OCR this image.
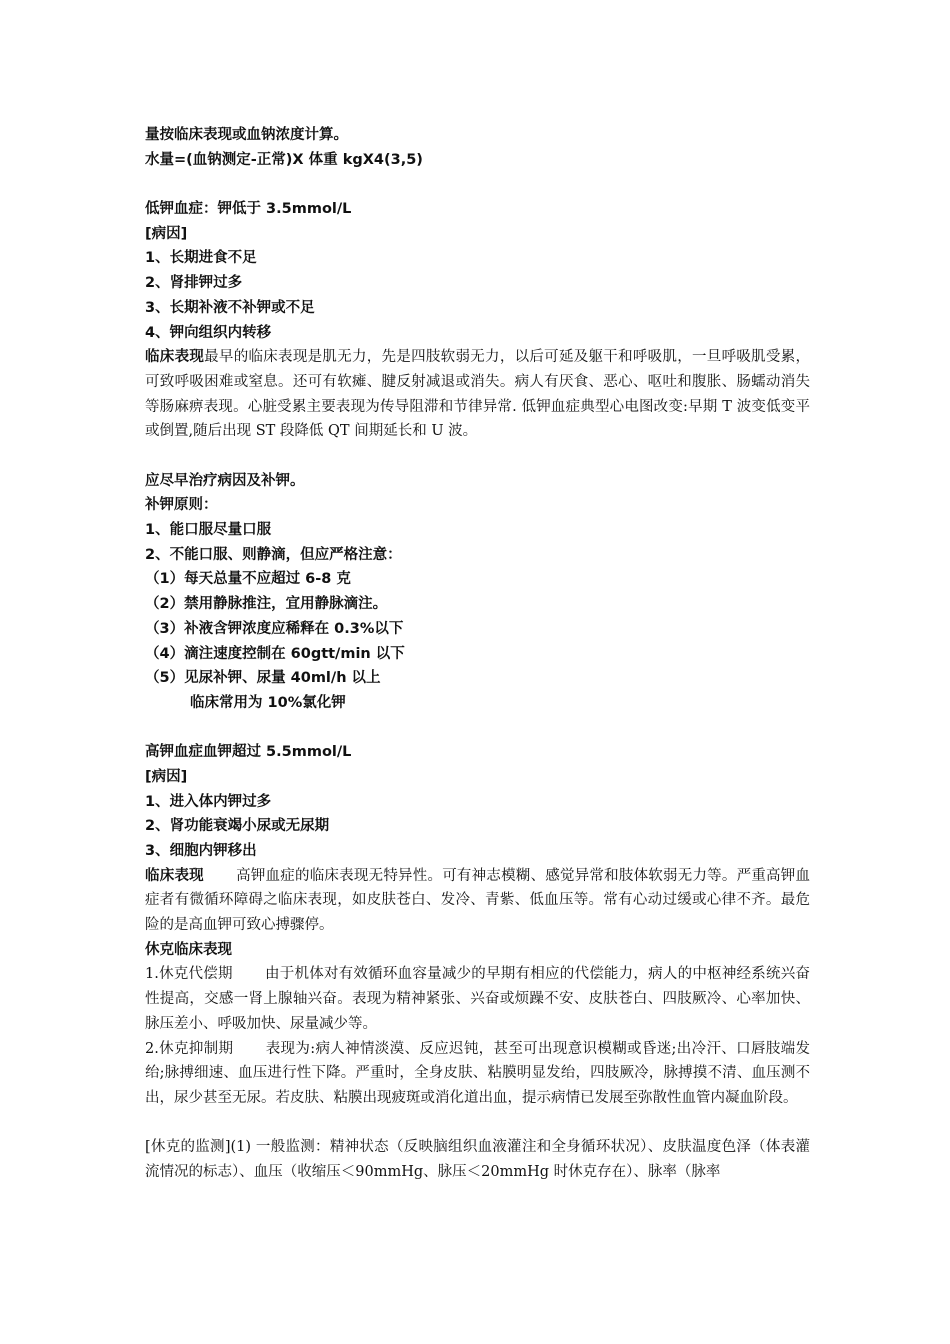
量按临床表现或血钠浓度计算。
水量=(血钠测定-正常)X 体重 kgX4(3,5)
低钾血症：钾低于 3.5mmol/L
[病因]
1、长期进食不足
2、肾排钾过多
3、长期补液不补钾或不足
4、钾向组织内转移
临床表现最早的临床表现是肌无力，先是四肢软弱无力，以后可延及躯干和呼吸肌，一旦呼吸肌受累，可致呼吸困难或窒息。还可有软瘫、腱反射减退或消失。病人有厌食、恶心、呕吐和腹胀、肠蠕动消失等肠麻痹表现。心脏受累主要表现为传导阻滞和节律异常. 低钾血症典型心电图改变:早期 T 波变低变平或倒置,随后出现 ST 段降低 QT 间期延长和 U 波。
应尽早治疗病因及补钾。
补钾原则：
1、能口服尽量口服
2、不能口服、则静滴，但应严格注意：
（1）每天总量不应超过 6-8 克
（2）禁用静脉推注，宜用静脉滴注。
（3）补液含钾浓度应稀释在 0.3%以下
（4）滴注速度控制在 60gtt/min 以下
（5）见尿补钾、尿量 40ml/h 以上
临床常用为 10%氯化钾
高钾血症血钾超过 5.5mmol/L
[病因]
1、进入体内钾过多
2、肾功能衰竭小尿或无尿期
3、细胞内钾移出
临床表现 高钾血症的临床表现无特异性。可有神志模糊、感觉异常和肢体软弱无力等。严重高钾血症者有微循环障碍之临床表现，如皮肤苍白、发冷、青紫、低血压等。常有心动过缓或心律不齐。最危险的是高血钾可致心搏骤停。
休克临床表现
1.休克代偿期 由于机体对有效循环血容量减少的早期有相应的代偿能力，病人的中枢神经系统兴奋性提高，交感一肾上腺轴兴奋。表现为精神紧张、兴奋或烦躁不安、皮肤苍白、四肢厥冷、心率加快、脉压差小、呼吸加快、尿量减少等。
2.休克抑制期 表现为:病人神情淡漠、反应迟钝，甚至可出现意识模糊或昏迷;出冷汗、口唇肢端发绐;脉搏细速、血压进行性下降。严重时，全身皮肤、粘膜明显发绐，四肢厥冷，脉搏摸不清、血压测不出，尿少甚至无尿。若皮肤、粘膜出现疲斑或消化道出血，提示病情已发展至弥散性血管内凝血阶段。
[休克的监测](1) 一般监测：精神状态（反映脑组织血液灌注和全身循环状况）、皮肤温度色泽（体表灌流情况的标志）、血压（收缩压＜90mmHg、脉压＜20mmHg 时休克存在）、脉率（脉率
